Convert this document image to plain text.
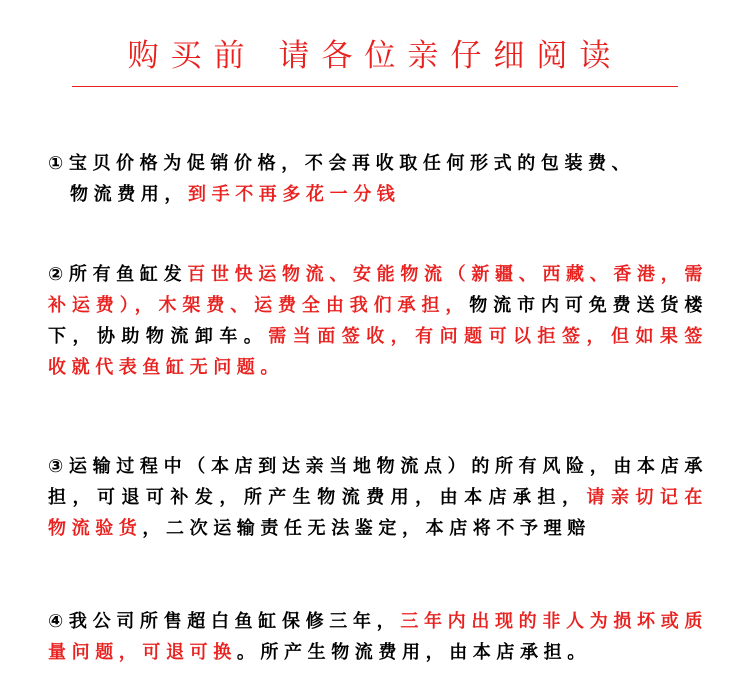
购买前 请各位亲仔细阅读

①宝贝价格为促销价格，不会再收取任何形式的包装费、
物流费用，到手不再多花一分钱

②所有鱼缸发百世快运物流、安能物流（新疆、西藏、香港，需补运费），木架费、运费全由我们承担，物流市内可免费送货楼下，协助物流卸车。需当面签收，有问题可以拒签，但如果签收就代表鱼缸无问题。

③运输过程中（本店到达亲当地物流点）的所有风险，由本店承担，可退可补发，所产生物流费用，由本店承担，请亲切记在物流验货，二次运输责任无法鉴定，本店将不予理赔

④我公司所售超白鱼缸保修三年，三年内出现的非人为损坏或质量问题，可退可换。所产生物流费用，由本店承担。
